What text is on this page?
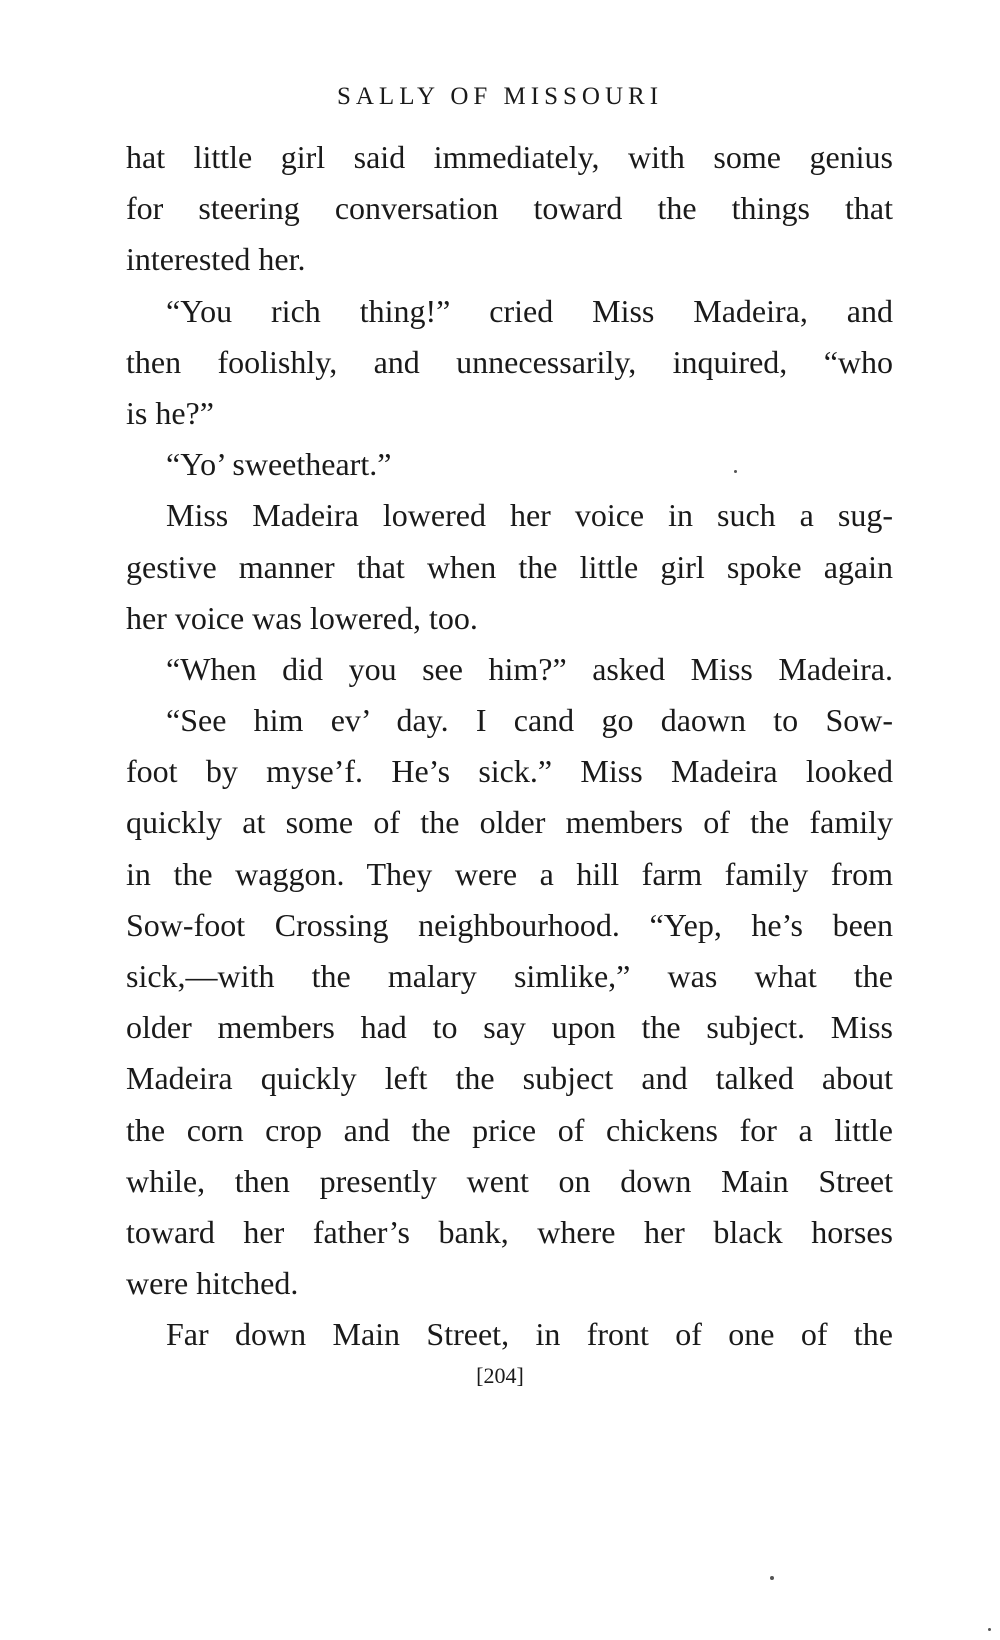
SALLY OF MISSOURI
hat little girl said immediately, with some genius
for steering conversation toward the things that
interested her.
“You rich thing!” cried Miss Madeira, and
then foolishly, and unnecessarily, inquired, “who
is he?”
“Yo’ sweetheart.”
Miss Madeira lowered her voice in such a sug-
gestive manner that when the little girl spoke again
her voice was lowered, too.
“When did you see him?” asked Miss Madeira.
“See him ev’ day. I cand go daown to Sow-
foot by myse’f. He’s sick.” Miss Madeira looked
quickly at some of the older members of the family
in the waggon. They were a hill farm family from
Sow-foot Crossing neighbourhood. “Yep, he’s been
sick,—with the malary simlike,” was what the
older members had to say upon the subject. Miss
Madeira quickly left the subject and talked about
the corn crop and the price of chickens for a little
while, then presently went on down Main Street
toward her father’s bank, where her black horses
were hitched.
Far down Main Street, in front of one of the
[204]
